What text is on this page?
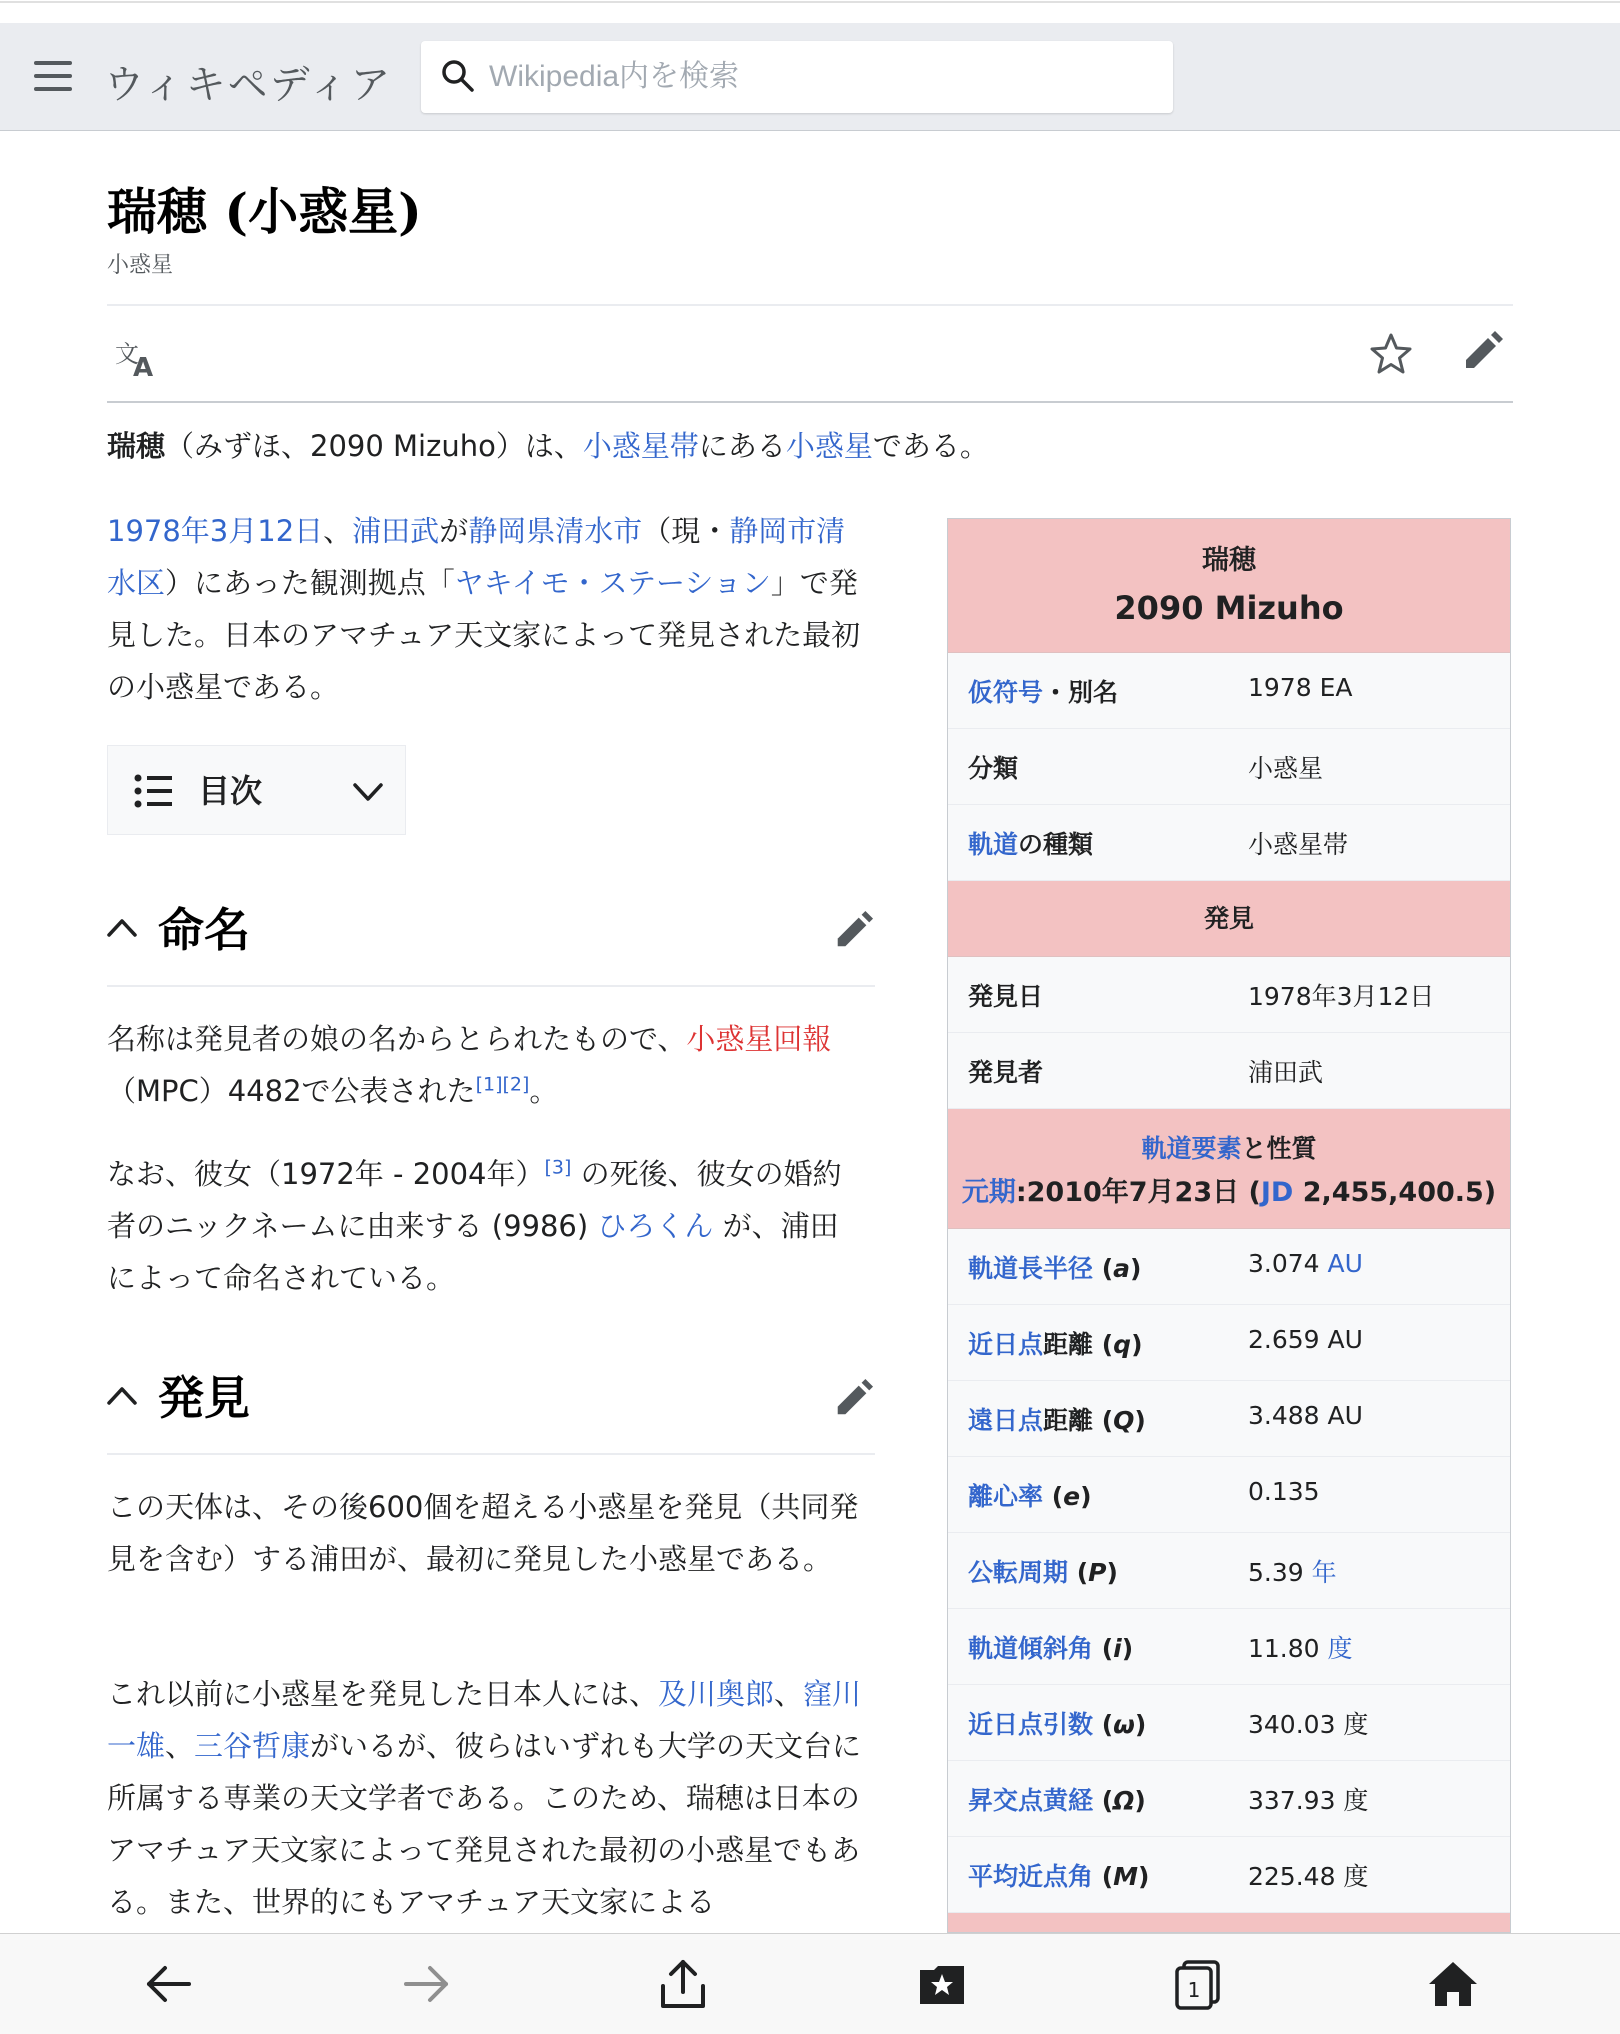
ウィキペディア
Wikipedia内を検索
瑞穂 (小惑星)
小惑星
文
A

瑞穂（みずほ、2090 Mizuho）は、小惑星帯にある小惑星である。

1978年3月12日、浦田武が静岡県清水市（現・静岡市清水区）にあった観測拠点「ヤキイモ・ステーション」で発見した。日本のアマチュア天文家によって発見された最初の小惑星である。

目次
命名

名称は発見者の娘の名からとられたもので、小惑星回報（MPC）4482で公表された[1][2]。

なお、彼女（1972年 - 2004年）[3] の死後、彼女の婚約者のニックネームに由来する (9986) ひろくん が、浦田によって命名されている。

発見

この天体は、その後600個を超える小惑星を発見（共同発見を含む）する浦田が、最初に発見した小惑星である。

これ以前に小惑星を発見した日本人には、及川奥郎、窪川一雄、三谷哲康がいるが、彼らはいずれも大学の天文台に所属する専業の天文学者である。このため、瑞穂は日本のアマチュア天文家によって発見された最初の小惑星でもある。また、世界的にもアマチュア天文家による

瑞穂
2090 Mizuho
仮符号・別名	1978 EA
分類	小惑星
軌道の種類	小惑星帯
発見
発見日	1978年3月12日
発見者	浦田武
軌道要素と性質
元期:2010年7月23日 (JD 2,455,400.5)
軌道長半径 (a)	3.074 AU
近日点距離 (q)	2.659 AU
遠日点距離 (Q)	3.488 AU
離心率 (e)	0.135
公転周期 (P)	5.39 年
軌道傾斜角 (i)	11.80 度
近日点引数 (ω)	340.03 度
昇交点黄経 (Ω)	337.93 度
平均近点角 (M)	225.48 度
1
